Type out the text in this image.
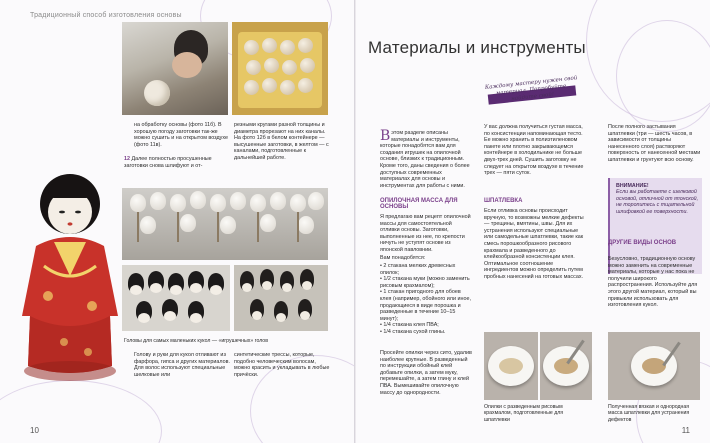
Традиционный способ изготовления основы
на обработку основы (фото 11б). В хорошую погоду заготовки так-же можно сушить и на открытом воздухе (фото 11в).
12 Далее полностью просушенные заготовки снова шлифуют и от-
резными кругами разной толщины и диаметра прорезают на них каналы. На фото 12б в белом контейнере — высушенные заготовки, в желтом — с каналами, подготовленные к дальнейшей работе.
Головы для самых маленьких кукол — «игрушечных» голов
Голову и руки для кукол отливают из фарфора, гипса и других материалов. Для волос используют специальные шелковые или
синтетические трессы, которые, подобно человеческим волосам, можно красить и укладывать в любые причёски.
10
Материалы и инструменты
Каждому мастеру нужен свой материал. Попробуйте, найдите свой!
В этом разделе описаны материалы и инструменты, которые понадобятся вам для создания игрушек на опилочной основе, близких к традиционным. Кроме того, даны сведения о более доступных современных материалах для основы и инструментах для работы с ними.
ОПИЛОЧНАЯ МАССА ДЛЯ ОСНОВЫ
Я предлагаю вам рецепт опилочной массы для самостоятельной отливки основы. Заготовки, выполненные из нее, по крепости ничуть не уступят основе из японской павловнии.
Вам понадобятся:
• 2 стакана мелких древесных опилок;
• 1/2 стакана муки (можно заменить рисовым крахмалом);
• 1 стакан пригодного для обоев клея (например, обойного или иное, продающиеся в виде порошка и разведенные в течение 10–15 минут);
• 1/4 стакана клея ПВА;
• 1/4 стакана сухой глины.
Просейте опилки через сито, удалив наиболее крупные. В разведенный по инструкции обойный клей добавьте опилки, а затем муку, перемешайте, а затем глину и клей ПВА. Вымешивайте опилочную массу до однородности.
У вас должна получиться густая масса, по консистенции напоминающая тесто. Ее можно хранить в полиэтиленовом пакете или плотно закрывающемся контейнере в холодильнике не больше двух-трех дней. Сушить заготовку не следует на открытом воздухе в течение трех — пяти суток.
ШПАТЛЕВКА
Если отливка основы происходит вручную, то возможны мелкие дефекты — трещины, вмятины, швы. Для их устранения используют специальные или самодельные шпатлевки, такие как смесь порошкообразного рисового крахмала и разведенного до клейкообразной консистенции клея. Оптимальное соотношение ингредиентов можно определить путем пробных нанесений на готовых массах.
Опилки с разведенным рисовым крахмалом, подготовленные для шпатлевки
После полного застывания шпатлевки (три — шесть часов, в зависимости от толщины нанесенного слоя) растворяют поверхность от нанесенной местами шпатлевки и грунтуют всю основу.
ВНИМАНИЕ!
Если вы работаете с шелковой основой, отличной от японской, не торопитесь с тщательной шлифовкой ее поверхности.
ДРУГИЕ ВИДЫ ОСНОВ
Безусловно, традиционную основу можно заменить на современные материалы, которые у нас пока не получили широкого распространения. Используйте для этого другой материал, который вы привыкли использовать для изготовления кукол.
Полученная вязкая и однородная масса шпатлевки для устранения дефектов
11
